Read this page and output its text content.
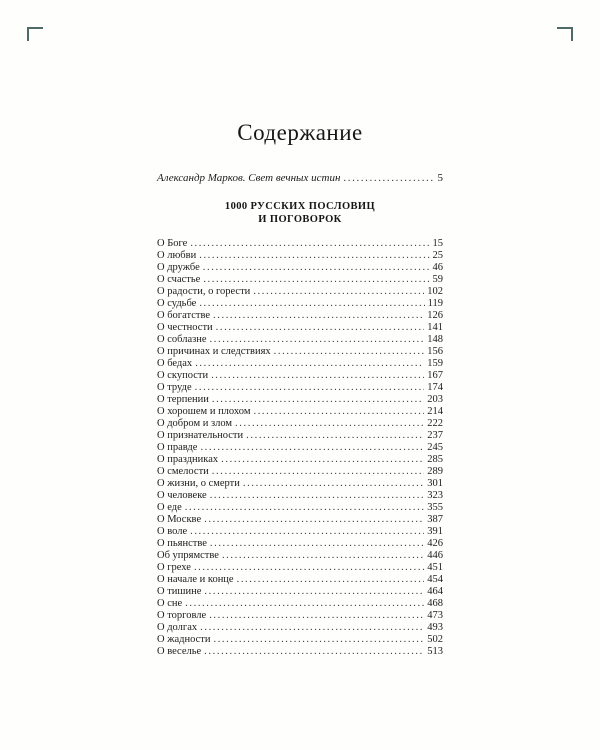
Содержание
Александр Марков. Свет вечных истин .....	5
1000 РУССКИХ ПОСЛОВИЦ
И ПОГОВОРОК
О Боге .....	15
О любви .....	25
О дружбе .....	46
О счастье .....	59
О радости, о горести .....	102
О судьбе .....	119
О богатстве .....	126
О честности .....	141
О соблазне .....	148
О причинах и следствиях .....	156
О бедах .....	159
О скупости .....	167
О труде .....	174
О терпении .....	203
О хорошем и плохом .....	214
О добром и злом .....	222
О признательности .....	237
О правде .....	245
О праздниках .....	285
О смелости .....	289
О жизни, о смерти .....	301
О человеке .....	323
О еде .....	355
О Москве .....	387
О воле .....	391
О пьянстве .....	426
Об упрямстве .....	446
О грехе .....	451
О начале и конце .....	454
О тишине .....	464
О сне .....	468
О торговле .....	473
О долгах .....	493
О жадности .....	502
О веселье .....	513
